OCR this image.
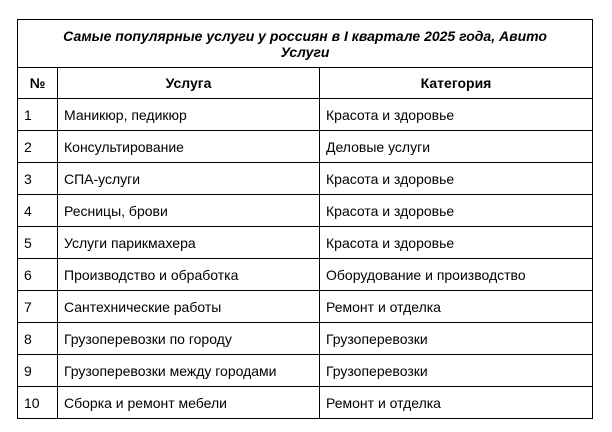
Самые популярные услуги у россиян в I квартале 2025 года, Авито Услуги		
№	Услуга	Категория
1	Маникюр, педикюр	Красота и здоровье
2	Консультирование	Деловые услуги
3	СПА-услуги	Красота и здоровье
4	Ресницы, брови	Красота и здоровье
5	Услуги парикмахера	Красота и здоровье
6	Производство и обработка	Оборудование и производство
7	Сантехнические работы	Ремонт и отделка
8	Грузоперевозки по городу	Грузоперевозки
9	Грузоперевозки между городами	Грузоперевозки
10	Сборка и ремонт мебели	Ремонт и отделка
